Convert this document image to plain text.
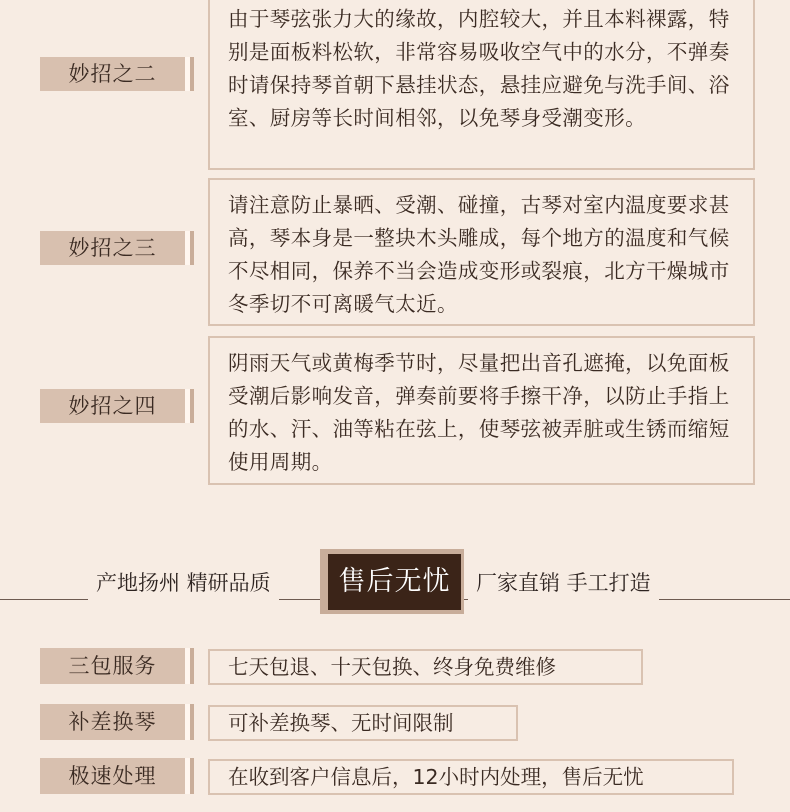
妙招之二
由于琴弦张力大的缘故，内腔较大，并且本料裸露，特别是面板料松软，非常容易吸收空气中的水分，不弹奏时请保持琴首朝下悬挂状态，悬挂应避免与洗手间、浴室、厨房等长时间相邻，以免琴身受潮变形。
妙招之三
请注意防止暴晒、受潮、碰撞，古琴对室内温度要求甚高，琴本身是一整块木头雕成，每个地方的温度和气候不尽相同，保养不当会造成变形或裂痕，北方干燥城市冬季切不可离暖气太近。
妙招之四
阴雨天气或黄梅季节时，尽量把出音孔遮掩，以免面板受潮后影响发音，弹奏前要将手擦干净，以防止手指上的水、汗、油等粘在弦上，使琴弦被弄脏或生锈而缩短使用周期。
产地扬州 精研品质	售后无忧	厂家直销 手工打造
三包服务	七天包退、十天包换、终身免费维修
补差换琴	可补差换琴、无时间限制
极速处理	在收到客户信息后，12小时内处理，售后无忧
